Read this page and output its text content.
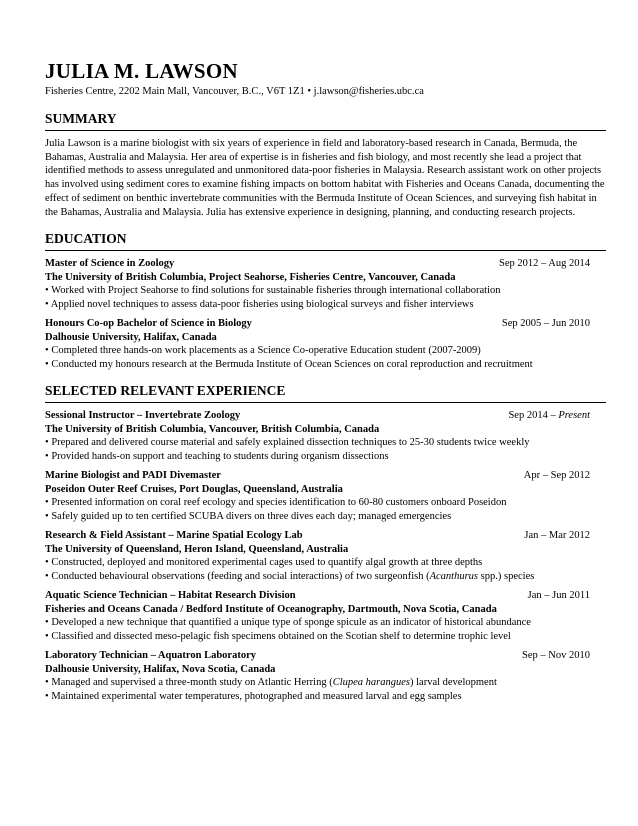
JULIA M. LAWSON

Fisheries Centre, 2202 Main Mall, Vancouver, B.C., V6T 1Z1 • j.lawson@fisheries.ubc.ca

SUMMARY

Julia Lawson is a marine biologist with six years of experience in field and laboratory-based research in Canada, Bermuda, the Bahamas, Australia and Malaysia. Her area of expertise is in fisheries and fish biology, and most recently she lead a project that identified methods to assess unregulated and unmonitored data-poor fisheries in Malaysia. Research assistant work on other projects has involved using sediment cores to examine fishing impacts on bottom habitat with Fisheries and Oceans Canada, documenting the effect of sediment on benthic invertebrate communities with the Bermuda Institute of Ocean Sciences, and surveying fish habitat in the Bahamas, Australia and Malaysia. Julia has extensive experience in designing, planning, and conducting research projects.

EDUCATION
Master of Science in Zoology	Sep 2012 – Aug 2014
The University of British Columbia, Project Seahorse, Fisheries Centre, Vancouver, Canada
• Worked with Project Seahorse to find solutions for sustainable fisheries through international collaboration
• Applied novel techniques to assess data-poor fisheries using biological surveys and fisher interviews
Honours Co-op Bachelor of Science in Biology	Sep 2005 – Jun 2010
Dalhousie University, Halifax, Canada
• Completed three hands-on work placements as a Science Co-operative Education student (2007-2009)
• Conducted my honours research at the Bermuda Institute of Ocean Sciences on coral reproduction and recruitment
SELECTED RELEVANT EXPERIENCE
Sessional Instructor – Invertebrate Zoology	Sep 2014 – Present
The University of British Columbia, Vancouver, British Columbia, Canada
• Prepared and delivered course material and safely explained dissection techniques to 25-30 students twice weekly
• Provided hands-on support and teaching to students during organism dissections
Marine Biologist and PADI Divemaster	Apr – Sep 2012
Poseidon Outer Reef Cruises, Port Douglas, Queensland, Australia
• Presented information on coral reef ecology and species identification to 60-80 customers onboard Poseidon
• Safely guided up to ten certified SCUBA divers on three dives each day; managed emergencies
Research & Field Assistant – Marine Spatial Ecology Lab	Jan – Mar 2012
The University of Queensland, Heron Island, Queensland, Australia
• Constructed, deployed and monitored experimental cages used to quantify algal growth at three depths
• Conducted behavioural observations (feeding and social interactions) of two surgeonfish (Acanthurus spp.) species
Aquatic Science Technician – Habitat Research Division	Jan – Jun 2011
Fisheries and Oceans Canada / Bedford Institute of Oceanography, Dartmouth, Nova Scotia, Canada
• Developed a new technique that quantified a unique type of sponge spicule as an indicator of historical abundance
• Classified and dissected meso-pelagic fish specimens obtained on the Scotian shelf to determine trophic level
Laboratory Technician – Aquatron Laboratory	Sep – Nov 2010
Dalhousie University, Halifax, Nova Scotia, Canada
• Managed and supervised a three-month study on Atlantic Herring (Clupea harangues) larval development
• Maintained experimental water temperatures, photographed and measured larval and egg samples
